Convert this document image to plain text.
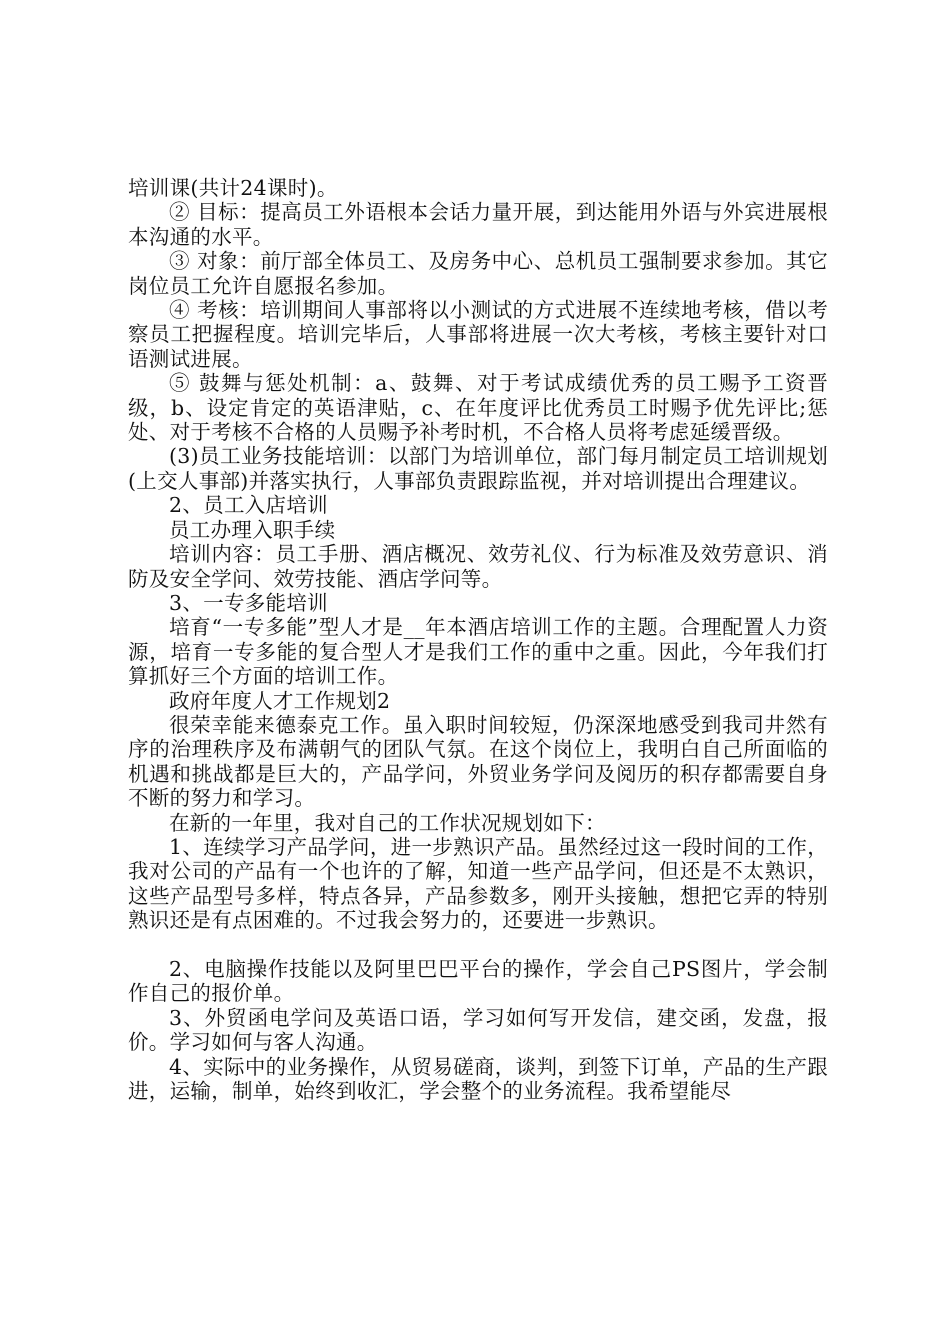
培训课(共计24课时)。

② 目标：提高员工外语根本会话力量开展，到达能用外语与外宾进展根本沟通的水平。

③ 对象：前厅部全体员工、及房务中心、总机员工强制要求参加。其它岗位员工允许自愿报名参加。

④ 考核：培训期间人事部将以小测试的方式进展不连续地考核，借以考察员工把握程度。培训完毕后，人事部将进展一次大考核，考核主要针对口语测试进展。

⑤ 鼓舞与惩处机制：a、鼓舞、对于考试成绩优秀的员工赐予工资晋级，b、设定肯定的英语津贴，c、在年度评比优秀员工时赐予优先评比;惩处、对于考核不合格的人员赐予补考时机，不合格人员将考虑延缓晋级。

(3)员工业务技能培训：以部门为培训单位，部门每月制定员工培训规划(上交人事部)并落实执行，人事部负责跟踪监视，并对培训提出合理建议。

2、员工入店培训

员工办理入职手续

培训内容：员工手册、酒店概况、效劳礼仪、行为标准及效劳意识、消防及安全学问、效劳技能、酒店学问等。

3、一专多能培训

培育“一专多能”型人才是__年本酒店培训工作的主题。合理配置人力资源，培育一专多能的复合型人才是我们工作的重中之重。因此，今年我们打算抓好三个方面的培训工作。

政府年度人才工作规划2

很荣幸能来德泰克工作。虽入职时间较短，仍深深地感受到我司井然有序的治理秩序及布满朝气的团队气氛。在这个岗位上，我明白自己所面临的机遇和挑战都是巨大的，产品学问，外贸业务学问及阅历的积存都需要自身不断的努力和学习。

在新的一年里，我对自己的工作状况规划如下：

1、连续学习产品学问，进一步熟识产品。虽然经过这一段时间的工作，我对公司的产品有一个也许的了解，知道一些产品学问，但还是不太熟识，这些产品型号多样，特点各异，产品参数多，刚开头接触，想把它弄的特别熟识还是有点困难的。不过我会努力的，还要进一步熟识。

2、电脑操作技能以及阿里巴巴平台的操作，学会自己PS图片，学会制作自己的报价单。

3、外贸函电学问及英语口语，学习如何写开发信，建交函，发盘，报价。学习如何与客人沟通。

4、实际中的业务操作，从贸易磋商，谈判，到签下订单，产品的生产跟进，运输，制单，始终到收汇，学会整个的业务流程。我希望能尽
